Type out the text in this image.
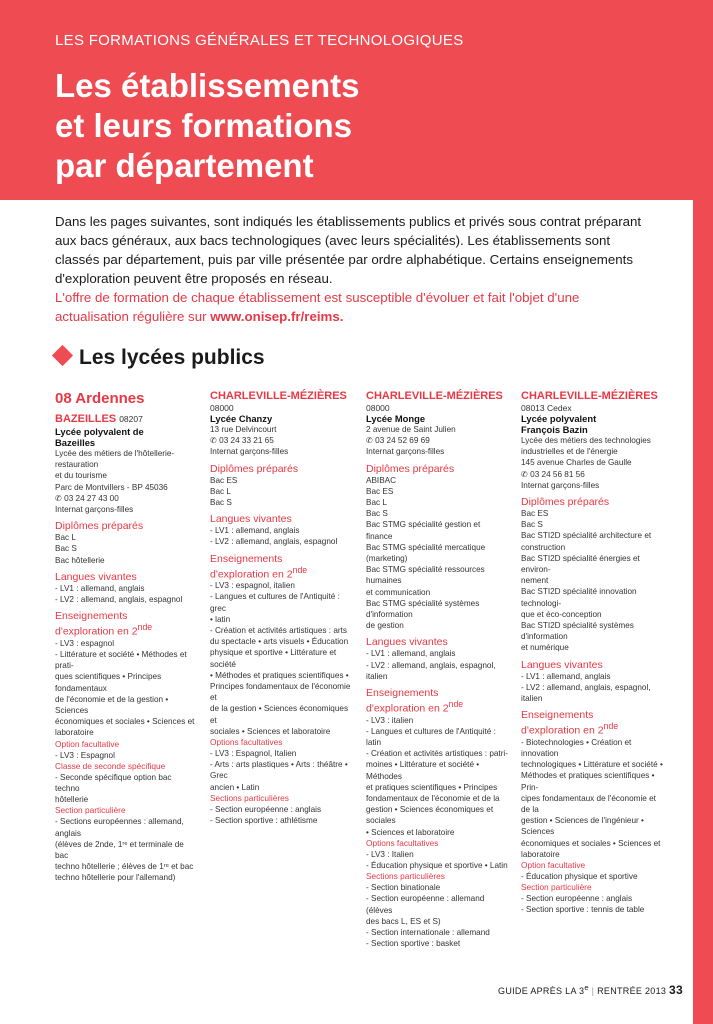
LES FORMATIONS GÉNÉRALES ET TECHNOLOGIQUES
Les établissements
et leurs formations
par département

Dans les pages suivantes, sont indiqués les établissements publics et privés sous contrat préparant aux bacs généraux, aux bacs technologiques (avec leurs spécialités). Les établissements sont classés par département, puis par ville présentée par ordre alphabétique. Certains enseignements d'exploration peuvent être proposés en réseau.

L'offre de formation de chaque établissement est susceptible d'évoluer et fait l'objet d'une actualisation régulière sur www.onisep.fr/reims.

Les lycées publics
08 Ardennes
BAZEILLES 08207
Lycée polyvalent de
Bazeilles
Lycée des métiers de l'hôtellerie-restauration
et du tourisme
Parc de Montvillers - BP 45036
✆ 03 24 27 43 00
Internat garçons-filles
Diplômes préparés
Bac L
Bac S
Bac hôtellerie
Langues vivantes
- LV1 : allemand, anglais
- LV2 : allemand, anglais, espagnol
Enseignements
d'exploration en 2nde
- LV3 : espagnol
- Littérature et société • Méthodes et prati-
ques scientifiques • Principes fondamentaux
de l'économie et de la gestion • Sciences
économiques et sociales • Sciences et
laboratoire
Option facultative
- LV3 : Espagnol
Classe de seconde spécifique
- Seconde spécifique option bac techno
hôtellerie
Section particulière
- Sections européennes : allemand, anglais
(élèves de 2nde, 1ʳᵉ et terminale de bac
techno hôtellerie ; élèves de 1ʳᵉ et bac
techno hôtellerie pour l'allemand)
CHARLEVILLE-MÉZIÈRES
08000
Lycée Chanzy
13 rue Delvincourt
✆ 03 24 33 21 65
Internat garçons-filles
Diplômes préparés
Bac ES
Bac L
Bac S
Langues vivantes
- LV1 : allemand, anglais
- LV2 : allemand, anglais, espagnol
Enseignements
d'exploration en 2nde
- LV3 : espagnol, italien
- Langues et cultures de l'Antiquité : grec
• latin
- Création et activités artistiques : arts
du spectacle • arts visuels • Éducation
physique et sportive • Littérature et société
• Méthodes et pratiques scientifiques •
Principes fondamentaux de l'économie et
de la gestion • Sciences économiques et
sociales • Sciences et laboratoire
Options facultatives
- LV3 : Espagnol, Italien
- Arts : arts plastiques • Arts : théâtre • Grec
ancien • Latin
Sections particulières
- Section européenne : anglais
- Section sportive : athlétisme
CHARLEVILLE-MÉZIÈRES
08000
Lycée Monge
2 avenue de Saint Julien
✆ 03 24 52 69 69
Internat garçons-filles
Diplômes préparés
ABIBAC
Bac ES
Bac L
Bac S
Bac STMG spécialité gestion et finance
Bac STMG spécialité mercatique (marketing)
Bac STMG spécialité ressources humaines
et communication
Bac STMG spécialité systèmes d'information
de gestion
Langues vivantes
- LV1 : allemand, anglais
- LV2 : allemand, anglais, espagnol, italien
Enseignements
d'exploration en 2nde
- LV3 : italien
- Langues et cultures de l'Antiquité : latin
- Création et activités artistiques : patri-
moines • Littérature et société • Méthodes
et pratiques scientifiques • Principes
fondamentaux de l'économie et de la
gestion • Sciences économiques et sociales
• Sciences et laboratoire
Options facultatives
- LV3 : Italien
- Éducation physique et sportive • Latin
Sections particulières
- Section binationale
- Section européenne : allemand (élèves
des bacs L, ES et S)
- Section internationale : allemand
- Section sportive : basket
CHARLEVILLE-MÉZIÈRES
08013 Cedex
Lycée polyvalent
François Bazin
Lycée des métiers des technologies
industrielles et de l'énergie
145 avenue Charles de Gaulle
✆ 03 24 56 81 56
Internat garçons-filles
Diplômes préparés
Bac ES
Bac S
Bac STI2D spécialité architecture et
construction
Bac STI2D spécialité énergies et environ-
nement
Bac STI2D spécialité innovation technologi-
que et éco-conception
Bac STI2D spécialité systèmes d'information
et numérique
Langues vivantes
- LV1 : allemand, anglais
- LV2 : allemand, anglais, espagnol, italien
Enseignements
d'exploration en 2nde
- Biotechnologies • Création et innovation
technologiques • Littérature et société •
Méthodes et pratiques scientifiques • Prin-
cipes fondamentaux de l'économie et de la
gestion • Sciences de l'ingénieur • Sciences
économiques et sociales • Sciences et
laboratoire
Option facultative
- Éducation physique et sportive
Section particulière
- Section européenne : anglais
- Section sportive : tennis de table
GUIDE APRÈS LA 3e | RENTRÉE 2013 33
